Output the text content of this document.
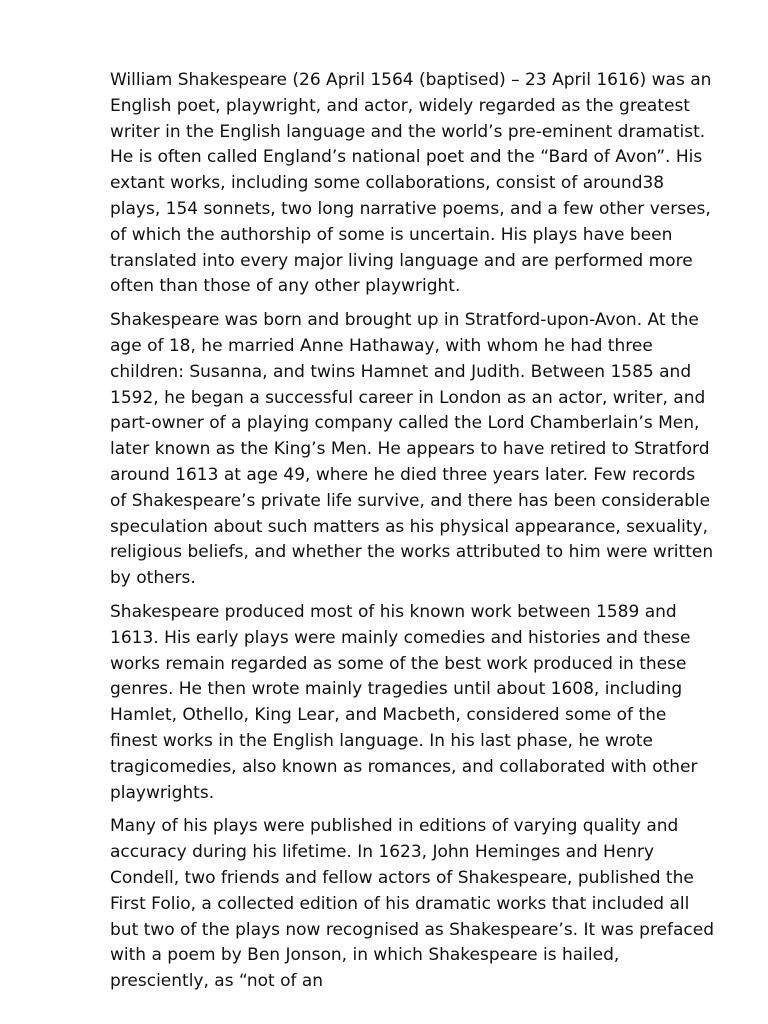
William Shakespeare (26 April 1564 (baptised) – 23 April 1616) was an English poet, playwright, and actor, widely regarded as the greatest writer in the English language and the world’s pre-eminent dramatist. He is often called England’s national poet and the “Bard of Avon”. His extant works, including some collaborations, consist of around38 plays, 154 sonnets, two long narrative poems, and a few other verses, of which the authorship of some is uncertain. His plays have been translated into every major living language and are performed more often than those of any other playwright.

Shakespeare was born and brought up in Stratford-upon-Avon. At the age of 18, he married Anne Hathaway, with whom he had three children: Susanna, and twins Hamnet and Judith. Between 1585 and 1592, he began a successful career in London as an actor, writer, and part-owner of a playing company called the Lord Chamberlain’s Men, later known as the King’s Men. He appears to have retired to Stratford around 1613 at age 49, where he died three years later. Few records of Shakespeare’s private life survive, and there has been considerable speculation about such matters as his physical appearance, sexuality, religious beliefs, and whether the works attributed to him were written by others.

Shakespeare produced most of his known work between 1589 and 1613. His early plays were mainly comedies and histories and these works remain regarded as some of the best work produced in these genres. He then wrote mainly tragedies until about 1608, including Hamlet, Othello, King Lear, and Macbeth, considered some of the finest works in the English language. In his last phase, he wrote tragicomedies, also known as romances, and collaborated with other playwrights.

Many of his plays were published in editions of varying quality and accuracy during his lifetime. In 1623, John Heminges and Henry Condell, two friends and fellow actors of Shakespeare, published the First Folio, a collected edition of his dramatic works that included all but two of the plays now recognised as Shakespeare’s. It was prefaced with a poem by Ben Jonson, in which Shakespeare is hailed, presciently, as “not of an
